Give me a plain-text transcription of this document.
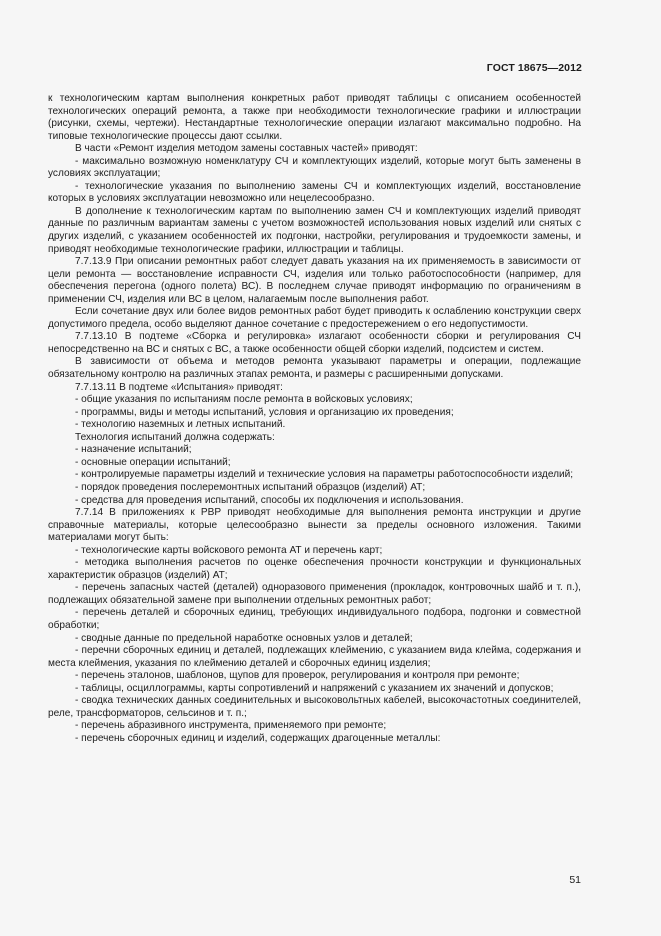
ГОСТ 18675—2012

к технологическим картам выполнения конкретных работ приводят таблицы с описанием особенностей технологических операций ремонта, а также при необходимости технологические графики и иллюстрации (рисунки, схемы, чертежи). Нестандартные технологические операции излагают максимально подробно. На типовые технологические процессы дают ссылки.

В части «Ремонт изделия методом замены составных частей» приводят:

- максимально возможную номенклатуру СЧ и комплектующих изделий, которые могут быть заменены в условиях эксплуатации;

- технологические указания по выполнению замены СЧ и комплектующих изделий, восстановление которых в условиях эксплуатации невозможно или нецелесообразно.

В дополнение к технологическим картам по выполнению замен СЧ и комплектующих изделий приводят данные по различным вариантам замены с учетом возможностей использования новых изделий или снятых с других изделий, с указанием особенностей их подгонки, настройки, регулирования и трудоемкости замены, и приводят необходимые технологические графики, иллюстрации и таблицы.

7.7.13.9 При описании ремонтных работ следует давать указания на их применяемость в зависимости от цели ремонта — восстановление исправности СЧ, изделия или только работоспособности (например, для обеспечения перегона (одного полета) ВС). В последнем случае приводят информацию по ограничениям в применении СЧ, изделия или ВС в целом, налагаемым после выполнения работ.

Если сочетание двух или более видов ремонтных работ будет приводить к ослаблению конструкции сверх допустимого предела, особо выделяют данное сочетание с предостережением о его недопустимости.

7.7.13.10 В подтеме «Сборка и регулировка» излагают особенности сборки и регулирования СЧ непосредственно на ВС и снятых с ВС, а также особенности общей сборки изделий, подсистем и систем.

В зависимости от объема и методов ремонта указывают параметры и операции, подлежащие обязательному контролю на различных этапах ремонта, и размеры с расширенными допусками.

7.7.13.11 В подтеме «Испытания» приводят:

- общие указания по испытаниям после ремонта в войсковых условиях;

- программы, виды и методы испытаний, условия и организацию их проведения;

- технологию наземных и летных испытаний.

Технология испытаний должна содержать:

- назначение испытаний;

- основные операции испытаний;

- контролируемые параметры изделий и технические условия на параметры работоспособности изделий;

- порядок проведения послеремонтных испытаний образцов (изделий) АТ;

- средства для проведения испытаний, способы их подключения и использования.

7.7.14 В приложениях к РВР приводят необходимые для выполнения ремонта инструкции и другие справочные материалы, которые целесообразно вынести за пределы основного изложения. Такими материалами могут быть:

- технологические карты войскового ремонта АТ и перечень карт;

- методика выполнения расчетов по оценке обеспечения прочности конструкции и функциональных характеристик образцов (изделий) АТ;

- перечень запасных частей (деталей) одноразового применения (прокладок, контровочных шайб и т. п.), подлежащих обязательной замене при выполнении отдельных ремонтных работ;

- перечень деталей и сборочных единиц, требующих индивидуального подбора, подгонки и совместной обработки;

- сводные данные по предельной наработке основных узлов и деталей;

- перечни сборочных единиц и деталей, подлежащих клеймению, с указанием вида клейма, содержания и места клеймения, указания по клеймению деталей и сборочных единиц изделия;

- перечень эталонов, шаблонов, щупов для проверок, регулирования и контроля при ремонте;

- таблицы, осциллограммы, карты сопротивлений и напряжений с указанием их значений и допусков;

- сводка технических данных соединительных и высоковольтных кабелей, высокочастотных соединителей, реле, трансформаторов, сельсинов и т. п.;

- перечень абразивного инструмента, применяемого при ремонте;

- перечень сборочных единиц и изделий, содержащих драгоценные металлы:

51
